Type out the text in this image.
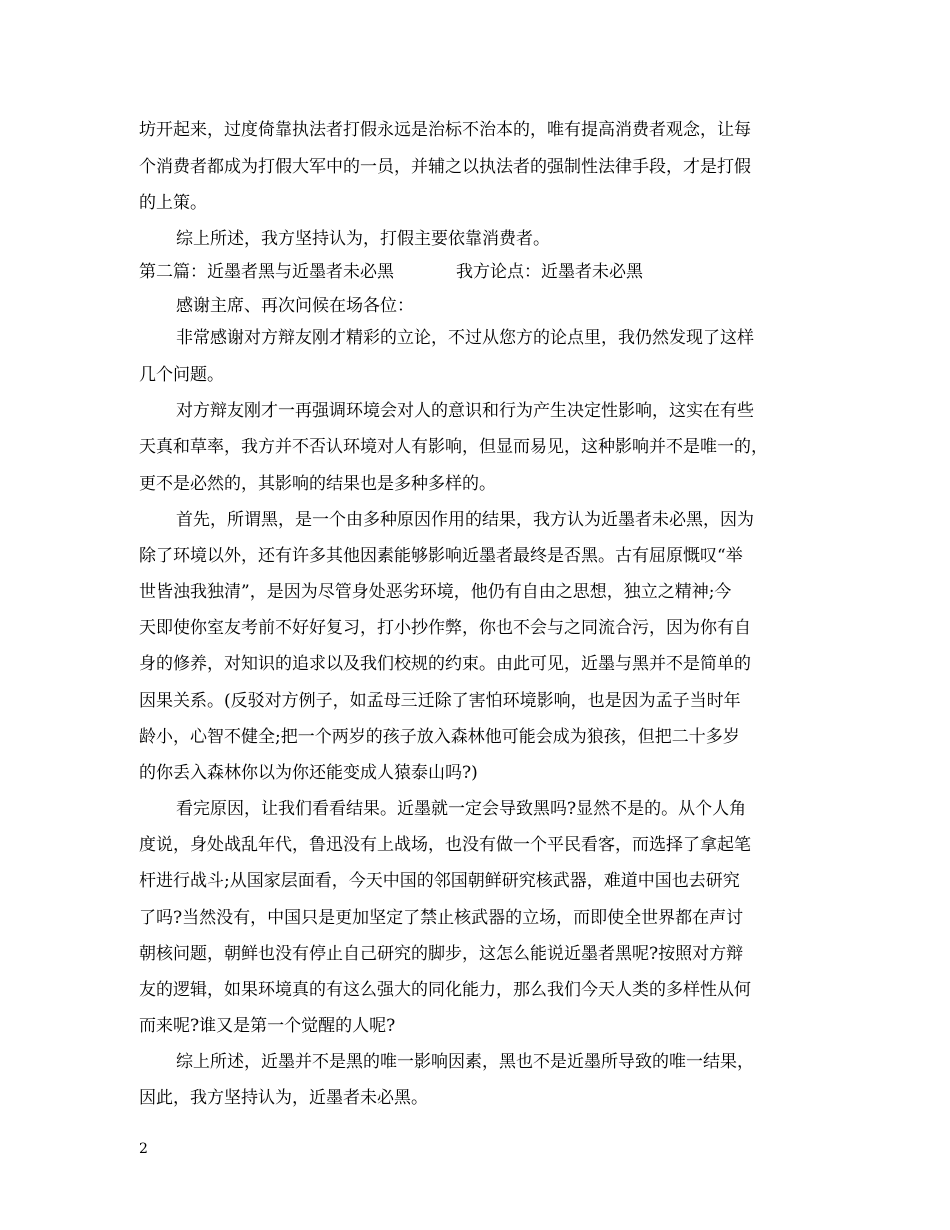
坊开起来，过度倚靠执法者打假永远是治标不治本的，唯有提高消费者观念，让每
个消费者都成为打假大军中的一员，并辅之以执法者的强制性法律手段，才是打假
的上策。
综上所述，我方坚持认为，打假主要依靠消费者。
第二篇：近墨者黑与近墨者未必黑	我方论点：近墨者未必黑
感谢主席、再次问候在场各位：
非常感谢对方辩友刚才精彩的立论，不过从您方的论点里，我仍然发现了这样
几个问题。
对方辩友刚才一再强调环境会对人的意识和行为产生决定性影响，这实在有些
天真和草率，我方并不否认环境对人有影响，但显而易见，这种影响并不是唯一的，
更不是必然的，其影响的结果也是多种多样的。
首先，所谓黑，是一个由多种原因作用的结果，我方认为近墨者未必黑，因为
除了环境以外，还有许多其他因素能够影响近墨者最终是否黑。古有屈原慨叹“举
世皆浊我独清”，是因为尽管身处恶劣环境，他仍有自由之思想，独立之精神;今
天即使你室友考前不好好复习，打小抄作弊，你也不会与之同流合污，因为你有自
身的修养，对知识的追求以及我们校规的约束。由此可见，近墨与黑并不是简单的
因果关系。(反驳对方例子，如孟母三迁除了害怕环境影响，也是因为孟子当时年
龄小，心智不健全;把一个两岁的孩子放入森林他可能会成为狼孩，但把二十多岁
的你丢入森林你以为你还能变成人猿泰山吗?)
看完原因，让我们看看结果。近墨就一定会导致黑吗?显然不是的。从个人角
度说，身处战乱年代，鲁迅没有上战场，也没有做一个平民看客，而选择了拿起笔
杆进行战斗;从国家层面看，今天中国的邻国朝鲜研究核武器，难道中国也去研究
了吗?当然没有，中国只是更加坚定了禁止核武器的立场，而即使全世界都在声讨
朝核问题，朝鲜也没有停止自己研究的脚步，这怎么能说近墨者黑呢?按照对方辩
友的逻辑，如果环境真的有这么强大的同化能力，那么我们今天人类的多样性从何
而来呢?谁又是第一个觉醒的人呢?
综上所述，近墨并不是黑的唯一影响因素，黑也不是近墨所导致的唯一结果，
因此，我方坚持认为，近墨者未必黑。
2
